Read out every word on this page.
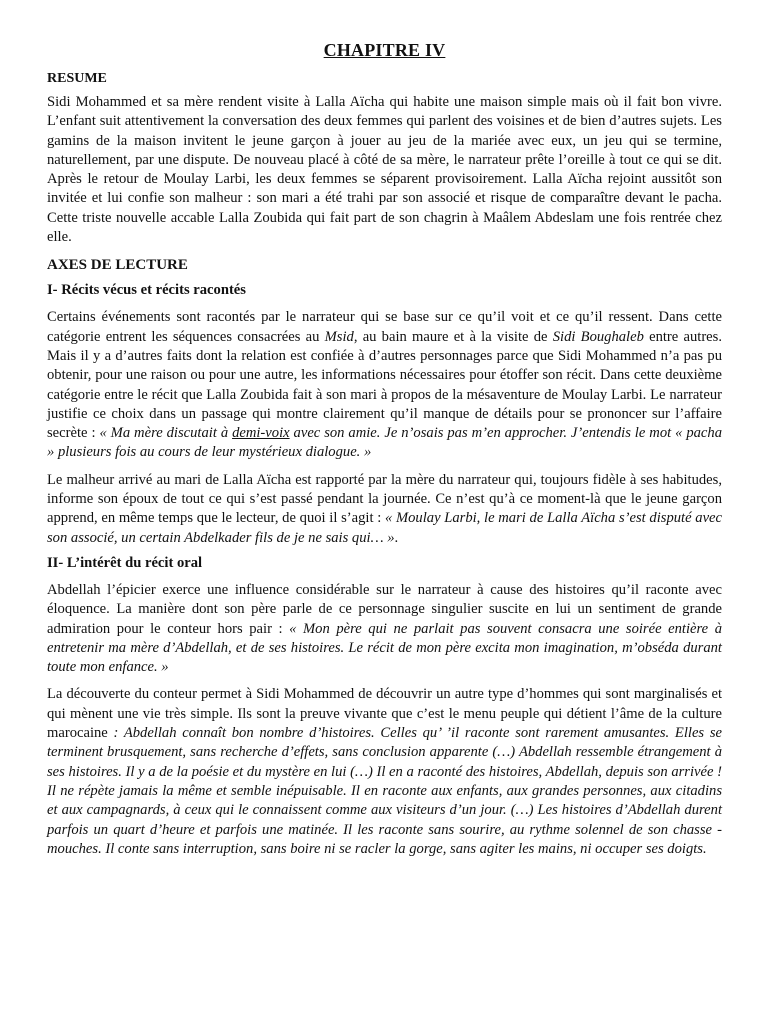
CHAPITRE IV
RESUME

Sidi Mohammed et sa mère rendent visite à Lalla Aïcha qui habite une maison simple mais où il fait bon vivre. L’enfant suit attentivement la conversation des deux femmes qui parlent des voisines et de bien d’autres sujets. Les gamins de la maison invitent le jeune garçon à jouer au jeu de la mariée avec eux, un jeu qui se termine, naturellement, par une dispute. De nouveau placé à côté de sa mère, le narrateur prête l’oreille à tout ce qui se dit. Après le retour de Moulay Larbi, les deux femmes se séparent provisoirement. Lalla Aïcha rejoint aussitôt son invitée et lui confie son malheur : son mari a été trahi par son associé et risque de comparaître devant le pacha. Cette triste nouvelle accable Lalla Zoubida qui fait part de son chagrin à Maâlem Abdeslam une fois rentrée chez elle.

AXES DE LECTURE
I- Récits vécus et récits racontés

Certains événements sont racontés par le narrateur qui se base sur ce qu’il voit et ce qu’il ressent. Dans cette catégorie entrent les séquences consacrées au Msid, au bain maure et à la visite de Sidi Boughaleb entre autres. Mais il y a d’autres faits dont la relation est confiée à d’autres personnages parce que Sidi Mohammed n’a pas pu obtenir, pour une raison ou pour une autre, les informations nécessaires pour étoffer son récit. Dans cette deuxième catégorie entre le récit que Lalla Zoubida fait à son mari à propos de la mésaventure de Moulay Larbi. Le narrateur justifie ce choix dans un passage qui montre clairement qu’il manque de détails pour se prononcer sur l’affaire secrète : « Ma mère discutait à demi-voix avec son amie. Je n’osais pas m’en approcher. J’entendis le mot « pacha » plusieurs fois au cours de leur mystérieux dialogue. »

Le malheur arrivé au mari de Lalla Aïcha est rapporté par la mère du narrateur qui, toujours fidèle à ses habitudes, informe son époux de tout ce qui s’est passé pendant la journée. Ce n’est qu’à ce moment-là que le jeune garçon apprend, en même temps que le lecteur, de quoi il s’agit : « Moulay Larbi, le mari de Lalla Aïcha s’est disputé avec son associé, un certain Abdelkader fils de je ne sais qui… ».

II- L’intérêt du récit oral

Abdellah l’épicier exerce une influence considérable sur le narrateur à cause des histoires qu’il raconte avec éloquence. La manière dont son père parle de ce personnage singulier suscite en lui un sentiment de grande admiration pour le conteur hors pair : « Mon père qui ne parlait pas souvent consacra une soirée entière à entretenir ma mère d’Abdellah, et de ses histoires. Le récit de mon père excita mon imagination, m’obséda durant toute mon enfance. »

La découverte du conteur permet à Sidi Mohammed de découvrir un autre type d’hommes qui sont marginalisés et qui mènent une vie très simple. Ils sont la preuve vivante que c’est le menu peuple qui détient l’âme de la culture marocaine : Abdellah connaît bon nombre d’histoires. Celles qu’ ’il raconte sont rarement amusantes. Elles se terminent brusquement, sans recherche d’effets, sans conclusion apparente (…) Abdellah ressemble étrangement à ses histoires. Il y a de la poésie et du mystère en lui (…) Il en a raconté des histoires, Abdellah, depuis son arrivée ! Il ne répète jamais la même et semble inépuisable. Il en raconte aux enfants, aux grandes personnes, aux citadins et aux campagnards, à ceux qui le connaissent comme aux visiteurs d’un jour. (…) Les histoires d’Abdellah durent parfois un quart d’heure et parfois une matinée. Il les raconte sans sourire, au rythme solennel de son chasse -mouches. Il conte sans interruption, sans boire ni se racler la gorge, sans agiter les mains, ni occuper ses doigts.
